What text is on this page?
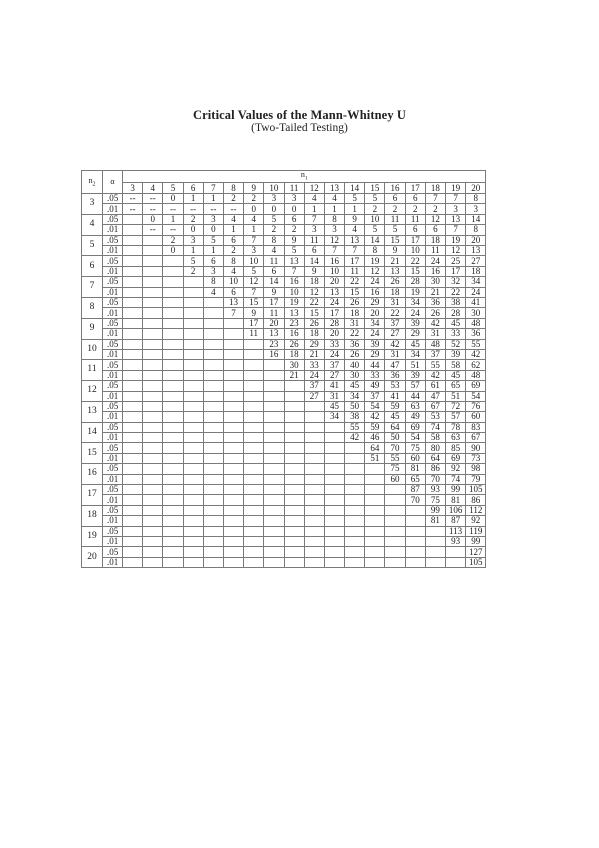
Critical Values of the Mann-Whitney U
(Two-Tailed Testing)
$n_2$	α	$n_1$
		3	4	5	6	7	8	9	10	11	12	13	14	15	16	17	18	19	20
3	.05	--	--	0	1	1	2	2	3	3	4	4	5	5	6	6	7	7	8
	.01	--	--	--	--	--	--	0	0	0	1	1	1	2	2	2	2	3	3
4	.05		0	1	2	3	4	4	5	6	7	8	9	10	11	11	12	13	14
	.01		--	--	0	0	1	1	2	2	3	3	4	5	5	6	6	7	8
5	.05			2	3	5	6	7	8	9	11	12	13	14	15	17	18	19	20
	.01			0	1	1	2	3	4	5	6	7	7	8	9	10	11	12	13
6	.05				5	6	8	10	11	13	14	16	17	19	21	22	24	25	27
	.01				2	3	4	5	6	7	9	10	11	12	13	15	16	17	18
7	.05					8	10	12	14	16	18	20	22	24	26	28	30	32	34
	.01					4	6	7	9	10	12	13	15	16	18	19	21	22	24
8	.05						13	15	17	19	22	24	26	29	31	34	36	38	41
	.01						7	9	11	13	15	17	18	20	22	24	26	28	30
9	.05							17	20	23	26	28	31	34	37	39	42	45	48
	.01							11	13	16	18	20	22	24	27	29	31	33	36
10	.05								23	26	29	33	36	39	42	45	48	52	55
	.01								16	18	21	24	26	29	31	34	37	39	42
11	.05									30	33	37	40	44	47	51	55	58	62
	.01									21	24	27	30	33	36	39	42	45	48
12	.05										37	41	45	49	53	57	61	65	69
	.01										27	31	34	37	41	44	47	51	54
13	.05											45	50	54	59	63	67	72	76
	.01											34	38	42	45	49	53	57	60
14	.05												55	59	64	69	74	78	83
	.01												42	46	50	54	58	63	67
15	.05													64	70	75	80	85	90
	.01													51	55	60	64	69	73
16	.05														75	81	86	92	98
	.01														60	65	70	74	79
17	.05															87	93	99	105
	.01															70	75	81	86
18	.05																99	106	112
	.01																81	87	92
19	.05																	113	119
	.01																	93	99
20	.05																		127
	.01																		105
